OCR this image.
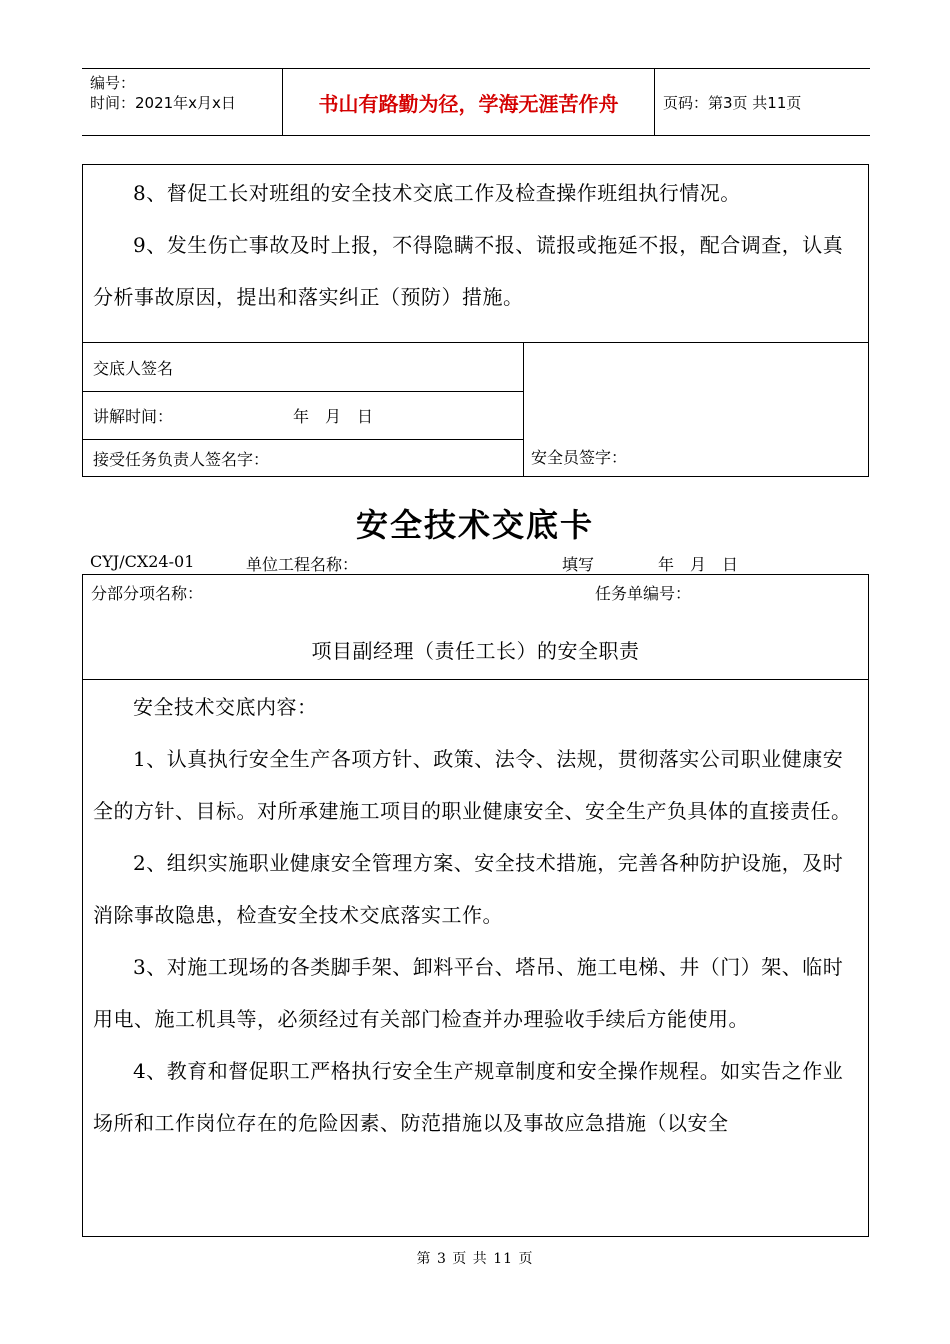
编号：
时间：2021年x月x日	书山有路勤为径，学海无涯苦作舟	页码：第3页 共11页

8、督促工长对班组的安全技术交底工作及检查操作班组执行情况。

9、发生伤亡事故及时上报，不得隐瞒不报、谎报或拖延不报，配合调查，认真分析事故原因，提出和落实纠正（预防）措施。

交底人签名
讲解时间：　　　　　　　　年　月　日
接受任务负责人签名字：	安全员签字：
安全技术交底卡
CYJ/CX24-01	单位工程名称：	填写	年　月　日
分部分项名称：	任务单编号：
项目副经理（责任工长）的安全职责

安全技术交底内容：

1、认真执行安全生产各项方针、政策、法令、法规，贯彻落实公司职业健康安全的方针、目标。对所承建施工项目的职业健康安全、安全生产负具体的直接责任。

2、组织实施职业健康安全管理方案、安全技术措施，完善各种防护设施，及时消除事故隐患，检查安全技术交底落实工作。

3、对施工现场的各类脚手架、卸料平台、塔吊、施工电梯、井（门）架、临时用电、施工机具等，必须经过有关部门检查并办理验收手续后方能使用。

4、教育和督促职工严格执行安全生产规章制度和安全操作规程。如实告之作业场所和工作岗位存在的危险因素、防范措施以及事故应急措施（以安全

第 3 页 共 11 页
